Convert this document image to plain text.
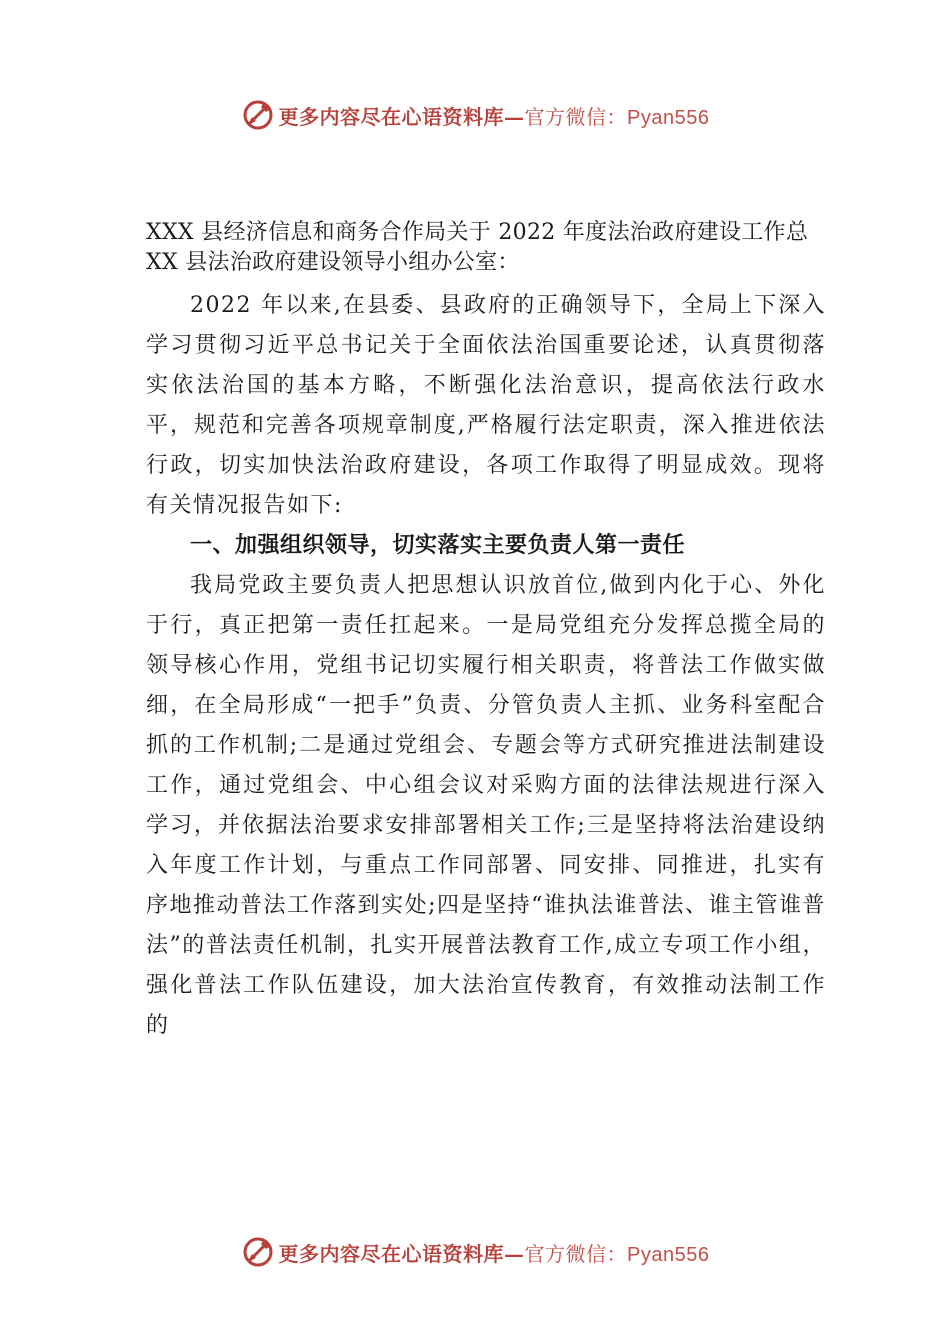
更多内容尽在心语资料库— 官方微信：Pyan556
XXX 县经济信息和商务合作局关于 2022 年度法治政府建设工作总 XX 县法治政府建设领导小组办公室：

2022 年以来,在县委、县政府的正确领导下，全局上下深入学习贯彻习近平总书记关于全面依法治国重要论述，认真贯彻落实依法治国的基本方略，不断强化法治意识，提高依法行政水平，规范和完善各项规章制度,严格履行法定职责，深入推进依法行政，切实加快法治政府建设，各项工作取得了明显成效。现将有关情况报告如下:

一、加强组织领导，切实落实主要负责人第一责任

我局党政主要负责人把思想认识放首位,做到内化于心、外化于行，真正把第一责任扛起来。一是局党组充分发挥总揽全局的领导核心作用，党组书记切实履行相关职责，将普法工作做实做细，在全局形成“一把手”负责、分管负责人主抓、业务科室配合抓的工作机制;二是通过党组会、专题会等方式研究推进法制建设工作，通过党组会、中心组会议对采购方面的法律法规进行深入学习，并依据法治要求安排部署相关工作;三是坚持将法治建设纳入年度工作计划，与重点工作同部署、同安排、同推进，扎实有序地推动普法工作落到实处;四是坚持“谁执法谁普法、谁主管谁普法”的普法责任机制，扎实开展普法教育工作,成立专项工作小组，强化普法工作队伍建设，加大法治宣传教育，有效推动法制工作的

更多内容尽在心语资料库— 官方微信：Pyan556
